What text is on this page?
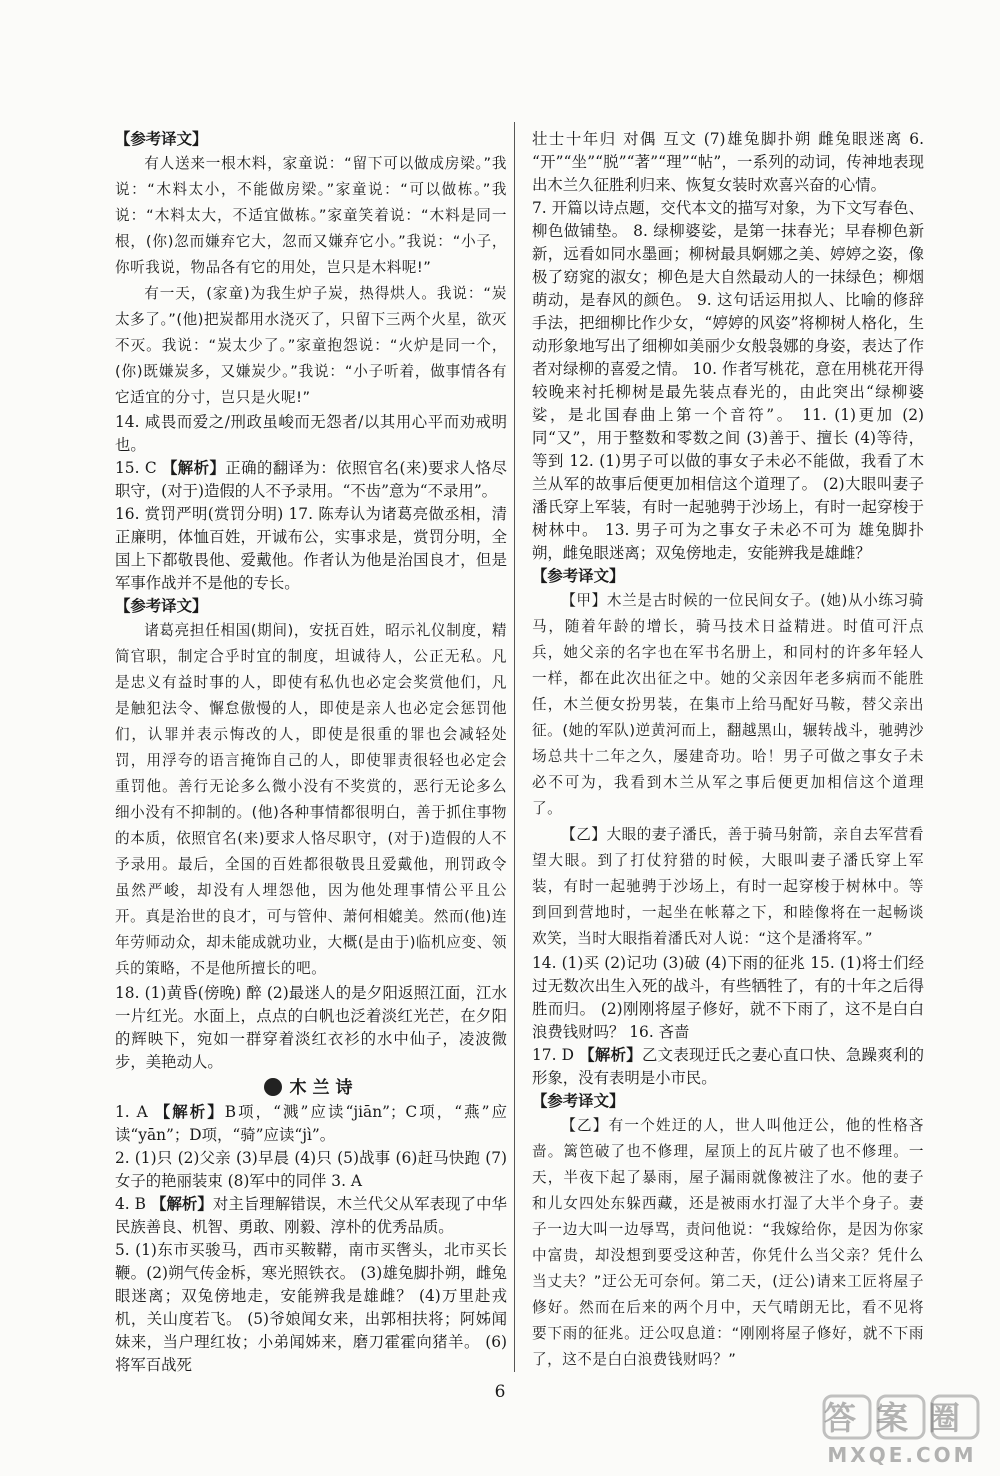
【参考译文】

有人送来一根木料，家童说：“留下可以做成房梁。”我说：“木料太小，不能做房梁。”家童说：“可以做栋。”我说：“木料太大，不适宜做栋。”家童笑着说：“木料是同一根，(你)忽而嫌弃它大，忽而又嫌弃它小。”我说：“小子，你听我说，物品各有它的用处，岂只是木料呢!”

有一天，(家童)为我生炉子炭，热得烘人。我说：“炭太多了。”(他)把炭都用水浇灭了，只留下三两个火星，欲灭不灭。我说：“炭太少了。”家童抱怨说：“火炉是同一个，(你)既嫌炭多，又嫌炭少。”我说：“小子听着，做事情各有它适宜的分寸，岂只是火呢!”

14. 咸畏而爱之/刑政虽峻而无怨者/以其用心平而劝戒明也。

15. C 【解析】正确的翻译为：依照官名(来)要求人恪尽职守，(对于)造假的人不予录用。“不齿”意为“不录用”。

16. 赏罚严明(赏罚分明) 17. 陈寿认为诸葛亮做丞相，清正廉明，体恤百姓，开诚布公，实事求是，赏罚分明，全国上下都敬畏他、爱戴他。作者认为他是治国良才，但是军事作战并不是他的专长。

【参考译文】

诸葛亮担任相国(期间)，安抚百姓，昭示礼仪制度，精简官职，制定合乎时宜的制度，坦诚待人，公正无私。凡是忠义有益时事的人，即使有私仇也必定会奖赏他们，凡是触犯法令、懈怠傲慢的人，即使是亲人也必定会惩罚他们，认罪并表示悔改的人，即使是很重的罪也会减轻处罚，用浮夸的语言掩饰自己的人，即使罪责很轻也必定会重罚他。善行无论多么微小没有不奖赏的，恶行无论多么细小没有不抑制的。(他)各种事情都很明白，善于抓住事物的本质，依照官名(来)要求人恪尽职守，(对于)造假的人不予录用。最后，全国的百姓都很敬畏且爱戴他，刑罚政令虽然严峻，却没有人埋怨他，因为他处理事情公平且公开。真是治世的良才，可与管仲、萧何相媲美。然而(他)连年劳师动众，却未能成就功业，大概(是由于)临机应变、领兵的策略，不是他所擅长的吧。

18. (1)黄昏(傍晚) 醉 (2)最迷人的是夕阳返照江面，江水一片红光。水面上，点点的白帆也泛着淡红光芒，在夕阳的辉映下，宛如一群穿着淡红衣衫的水中仙子，凌波微步，美艳动人。

木兰诗

1. A 【解析】B项，“溅”应读“jiān”；C项，“燕”应读“yān”；D项，“骑”应读“jì”。

2. (1)只 (2)父亲 (3)早晨 (4)只 (5)战事 (6)赶马快跑 (7)女子的艳丽装束 (8)军中的同伴 3. A

4. B 【解析】对主旨理解错误，木兰代父从军表现了中华民族善良、机智、勇敢、刚毅、淳朴的优秀品质。

5. (1)东市买骏马，西市买鞍鞯，南市买辔头，北市买长鞭。(2)朔气传金柝，寒光照铁衣。 (3)雄兔脚扑朔，雌兔眼迷离；双兔傍地走，安能辨我是雄雌？ (4)万里赴戎机，关山度若飞。 (5)爷娘闻女来，出郭相扶将；阿姊闻妹来，当户理红妆；小弟闻姊来，磨刀霍霍向猪羊。 (6)将军百战死

壮士十年归 对偶 互文 (7)雄兔脚扑朔 雌兔眼迷离 6. “开”“坐”“脱”“著”“理”“帖”，一系列的动词，传神地表现出木兰久征胜利归来、恢复女装时欢喜兴奋的心情。

7. 开篇以诗点题，交代本文的描写对象，为下文写春色、柳色做铺垫。 8. 绿柳婆娑，是第一抹春光；早春柳色新新，远看如同水墨画；柳树最具婀娜之美、婷婷之姿，像极了窈窕的淑女；柳色是大自然最动人的一抹绿色；柳烟萌动，是春风的颜色。 9. 这句话运用拟人、比喻的修辞手法，把细柳比作少女，“婷婷的风姿”将柳树人格化，生动形象地写出了细柳如美丽少女般袅娜的身姿，表达了作者对绿柳的喜爱之情。 10. 作者写桃花，意在用桃花开得较晚来衬托柳树是最先装点春光的，由此突出“绿柳婆娑，是北国春曲上第一个音符”。 11. (1)更加 (2)同“又”，用于整数和零数之间 (3)善于、擅长 (4)等待，等到 12. (1)男子可以做的事女子未必不能做，我看了木兰从军的故事后便更加相信这个道理了。 (2)大眼叫妻子潘氏穿上军装，有时一起驰骋于沙场上，有时一起穿梭于树林中。 13. 男子可为之事女子未必不可为 雄兔脚扑朔，雌兔眼迷离；双兔傍地走，安能辨我是雄雌？

【参考译文】

【甲】木兰是古时候的一位民间女子。(她)从小练习骑马，随着年龄的增长，骑马技术日益精进。时值可汗点兵，她父亲的名字也在军书名册上，和同村的许多年轻人一样，都在此次出征之中。她的父亲因年老多病而不能胜任，木兰便女扮男装，在集市上给马配好马鞍，替父亲出征。(她的军队)逆黄河而上，翻越黑山，辗转战斗，驰骋沙场总共十二年之久，屡建奇功。哈！男子可做之事女子未必不可为，我看到木兰从军之事后便更加相信这个道理了。

【乙】大眼的妻子潘氏，善于骑马射箭，亲自去军营看望大眼。到了打仗狩猎的时候，大眼叫妻子潘氏穿上军装，有时一起驰骋于沙场上，有时一起穿梭于树林中。等到回到营地时，一起坐在帐幕之下，和睦像将在一起畅谈欢笑，当时大眼指着潘氏对人说：“这个是潘将军。”

14. (1)买 (2)记功 (3)破 (4)下雨的征兆 15. (1)将士们经过无数次出生入死的战斗，有些牺牲了，有的十年之后得胜而归。 (2)刚刚将屋子修好，就不下雨了，这不是白白浪费钱财吗？ 16. 吝啬

17. D 【解析】乙文表现迂氏之妻心直口快、急躁爽利的形象，没有表明是小市民。

【参考译文】

【乙】有一个姓迂的人，世人叫他迂公，他的性格吝啬。篱笆破了也不修理，屋顶上的瓦片破了也不修理。一天，半夜下起了暴雨，屋子漏雨就像被注了水。他的妻子和儿女四处东躲西藏，还是被雨水打湿了大半个身子。妻子一边大叫一边辱骂，责问他说：“我嫁给你，是因为你家中富贵，却没想到要受这种苦，你凭什么当父亲？凭什么当丈夫？”迂公无可奈何。第二天，(迂公)请来工匠将屋子修好。然而在后来的两个月中，天气晴朗无比，看不见将要下雨的征兆。迂公叹息道：“刚刚将屋子修好，就不下雨了，这不是白白浪费钱财吗？”

6
答案圈
MXQE.COM
